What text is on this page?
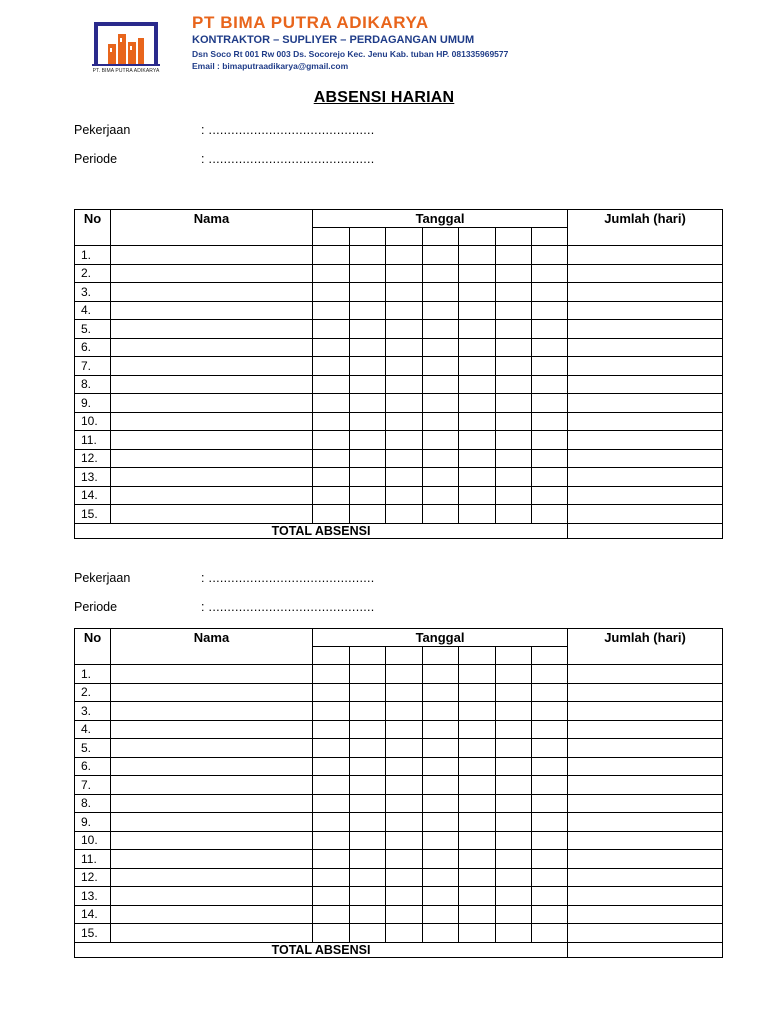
PT. BIMA PUTRA ADIKARYA
PT BIMA PUTRA ADIKARYA
KONTRAKTOR – SUPLIYER – PERDAGANGAN UMUM
Dsn Soco Rt 001 Rw 003 Ds. Socorejo Kec. Jenu Kab. tuban HP. 081335969577
Email : bimaputraadikarya@gmail.com
ABSENSI HARIAN
Pekerjaan	: ............................................
Periode	: ............................................
No	Nama	Tanggal							Jumlah (hari)

1.									
2.									
3.									
4.									
5.									
6.									
7.									
8.									
9.									
10.									
11.									
12.									
13.									
14.									
15.									
TOTAL ABSENSI									
Pekerjaan	: ............................................
Periode	: ............................................
No	Nama	Tanggal							Jumlah (hari)

1.									
2.									
3.									
4.									
5.									
6.									
7.									
8.									
9.									
10.									
11.									
12.									
13.									
14.									
15.									
TOTAL ABSENSI									
